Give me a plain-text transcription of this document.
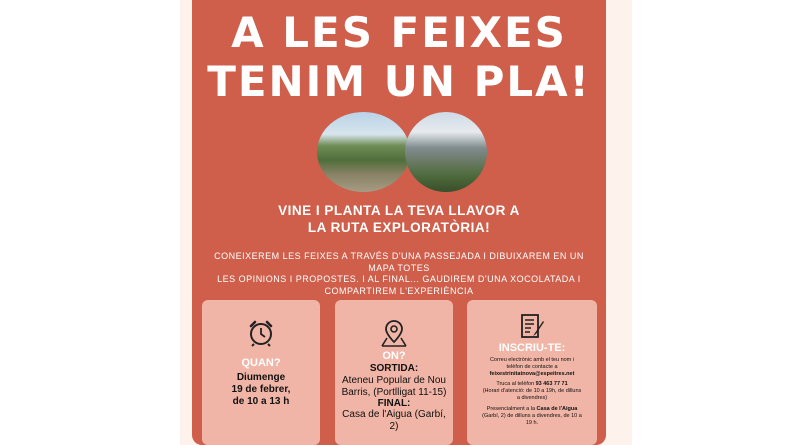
A LES FEIXES
TENIM UN PLA!
VINE I PLANTA LA TEVA LLAVOR A
LA RUTA EXPLORATÒRIA!
CONEIXEREM LES FEIXES A TRAVÉS D'UNA PASSEJADA I DIBUIXAREM EN UN MAPA TOTES
LES OPINIONS I PROPOSTES. I AL FINAL... GAUDIREM D'UNA XOCOLATADA I
COMPARTIREM L'EXPERIÈNCIA
QUAN?
Diumenge
19 de febrer,
de 10 a 13 h
ON?
SORTIDA:
Ateneu Popular de Nou
Barris, (Portlligat 11-15)
FINAL:
Casa de l'Aigua (Garbí, 2)
INSCRIU-TE:
Correu electrònic amb el teu nom i
telèfon de contacte a
feixestrinitatnova@espeitres.net
Truca al telèfon 93 463 77 71
(Horari d'atenció: de 10 a 19h, de dilluns
a divendres)
Presencialment a la Casa de l'Aigua
(Garbí, 2) de dilluns a divendres, de 10 a
19 h.
